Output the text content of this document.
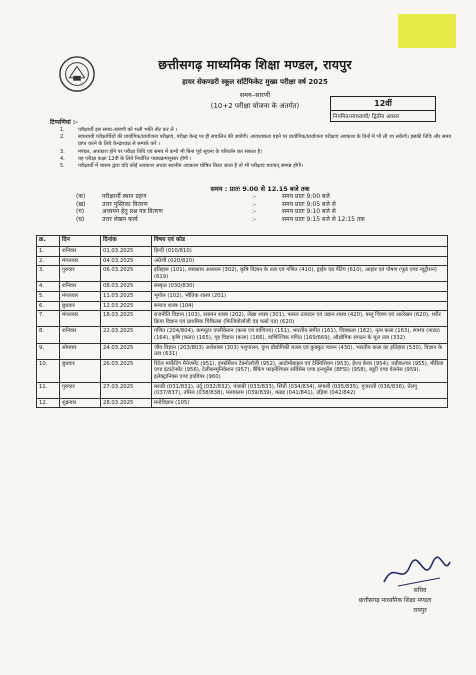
छत्तीसगढ़ माध्यमिक शिक्षा मण्डल, रायपुर
हायर सेकण्डरी स्कूल सर्टिफिकेट मुख्य परीक्षा वर्ष 2025
समय–सारणी
(10+2 परीक्षा योजना के अंतर्गत)	12वीं
नियमित/स्वाध्यायी/ द्वितीय अवसर
टिप्पणियां :-
1.	परीक्षार्थी इस समय–सारणी को भली भांति नोट कर लें ।
2.	स्वाध्यायी परीक्षार्थियों की प्रायोगिक/प्रायोजना परीक्षाएं, परीक्षा केन्द्र पर ही संचालित की जायेंगी। आवश्यकता पड़ने पर प्रायोगिक/प्रायोजना परीक्षाएं अवकाश के दिनों में भी ली जा सकेंगी। इसकी तिथि और समय प्राप्त करने के लिये केन्द्राध्यक्ष से सम्पर्क करें ।
3.	मण्डल, अवकाश होने पर परीक्षा तिथि एवं समय में कभी भी बिना पूर्व सूचना के परिवर्तन कर सकता है।
4.	यह परीक्षा कक्षा 12वीं के लिये निर्धारित पाठ्यक्रमानुसार होगी ।
5.	परीक्षार्थी में शासन द्वारा यदि कोई अवकाश अथवा स्थानीय अवकाश घोषित किया जाता है तो भी परीक्षाएं यथावत् सम्पन्न होंगी।
समय : प्रातः 9.00 से 12.15 बजे तक
(क)	परीक्षार्थी स्थान ग्रहण	:-	समय प्रातः 9:00 बजे
(ख)	उत्तर पुस्तिका वितरण	:-	समय प्रातः 9:05 बजे से
(ग)	अध्ययन हेतु प्रश्न पत्र वितरण	:-	समय प्रातः 9:10 बजे से
(घ)	उत्तर लेखन कार्य	:-	समय प्रातः 9:15 बजे से 12:15 तक
क्र.	दिन	दिनांक	विषय एवं कोड
1.	शनिवार	01.03.2025	हिन्दी (010/810)
2.	मंगलवार	04.03.2025	अंग्रेजी (020/820)
3.	गुरुवार	06.03.2025	इतिहास (101), व्यवसाय अध्ययन (302), कृषि विज्ञान के तत्व एवं गणित (410), ड्राईंग एंड पेंटिंग (610), आहार एवं पोषण (फूड एण्ड न्यूट्रीशन) (619)
4.	शनिवार	08.03.2025	संस्कृत (030/830)
5.	मंगलवार	11.03.2025	भूगोल (102), भौतिक शास्त्र (201)
6.	बुधवार	12.03.2025	समाज शास्त्र (104)
7.	मंगलवार	18.03.2025	राजनीति विज्ञान (103), रसायन शास्त्र (202), लेखा शास्त्र (301), फसल उत्पादन एवं उद्यान शास्त्र (420), वस्तु चित्रण एवं आलेखन (620), शरीर क्रिया विज्ञान एवं प्राथमिक चिकित्सा (फिजियोलॉजी एंड फर्स्ट एड) (620)
8.	शनिवार	22.03.2025	गणित (204/804), कम्प्यूटर एप्लीकेशन (कला एवं वाणिज्य) (151), भारतीय संगीत (161), चित्रकला (162), नृत्य कला (163), रंगमंच (नाट्य) (164), कृषि (कला) (165), गृह विज्ञान (कला) (166), वाणिज्यिक गणित (169/669), औद्योगिक संगठन के मूल तत्व (332)
9.	सोमवार	24.03.2025	जीव विज्ञान (203/803) अर्थशास्त्र (303) पशुपालन, दुग्ध प्रौद्योगिकी मत्स्य एवं कुक्कुट पालन (430), भारतीय कला का इतिहास (530), विज्ञान के तत्व (631)
10.	बुधवार	26.03.2025	रिटेल मार्केटिंग मैनेजमेंट (951), इन्फॉर्मेशन टेक्नोलॉजी (952), आटोमोबाइल एवं टेक्निशियन (953), हेल्थ केयर (954), एग्रीकल्चर (955), मीडिया एण्ड इंटरटेनमेंट (956), टेलीकम्युनिकेशन (957), बैंकिंग फाइनेंशियल सर्विसेस एण्ड इन्श्युरेंस (BFSI) (958), ब्यूटी एण्ड वेलनेस (959), इलेक्ट्रानिक्स एण्ड हार्डवेयर (960)
11.	गुरुवार	27.03.2025	मराठी (031/831), उर्दू (032/832), पंजाबी (033/833), सिंधी (034/834), बंगाली (035/835), गुजराती (036/836), तेलगू (037/837), तमिल (038/838), मलयालम (039/839), कन्नड़ (041/841), उड़िया (042/842)
12.	शुक्रवार	28.03.2025	मनोविज्ञान (105)
सचिव
छत्तीसगढ़ माध्यमिक शिक्षा मण्डल
रायपुर
